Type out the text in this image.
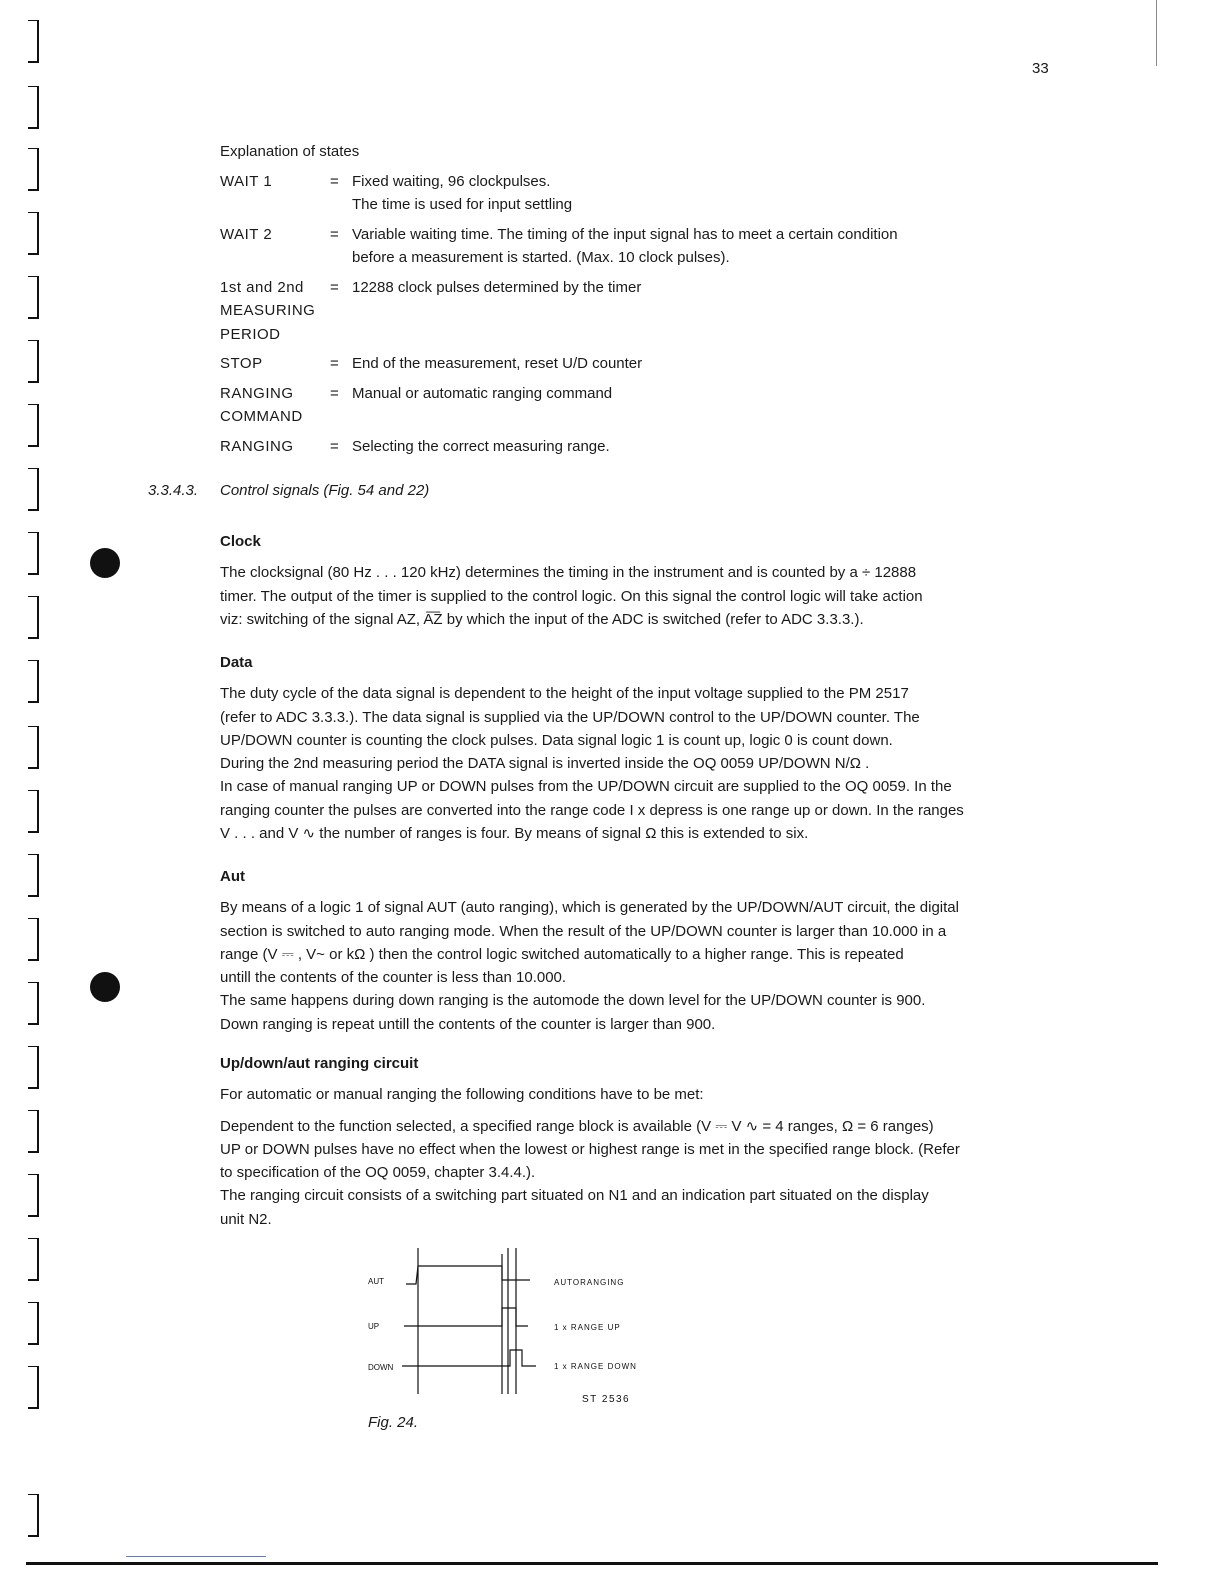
33
Explanation of states
WAIT 1	= Fixed waiting, 96 clockpulses.
The time is used for input settling
WAIT 2	= Variable waiting time. The timing of the input signal has to meet a certain condition
before a measurement is started. (Max. 10 clock pulses).
1st and 2nd
MEASURING
PERIOD
= 12288 clock pulses determined by the timer
STOP	= End of the measurement, reset U/D counter
RANGING
COMMAND
= Manual or automatic ranging command
RANGING	= Selecting the correct measuring range.
3.3.4.3. Control signals (Fig. 54 and 22)
Clock
The clocksignal (80 Hz . . . 120 kHz) determines the timing in the instrument and is counted by a ÷ 12888
timer. The output of the timer is supplied to the control logic. On this signal the control logic will take action
viz: switching of the signal AZ, A͞Z by which the input of the ADC is switched (refer to ADC 3.3.3.).
Data
The duty cycle of the data signal is dependent to the height of the input voltage supplied to the PM 2517
(refer to ADC 3.3.3.). The data signal is supplied via the UP/DOWN control to the UP/DOWN counter. The
UP/DOWN counter is counting the clock pulses. Data signal logic 1 is count up, logic 0 is count down.
During the 2nd measuring period the DATA signal is inverted inside the OQ 0059 UP/DOWN N/Ω .
In case of manual ranging UP or DOWN pulses from the UP/DOWN circuit are supplied to the OQ 0059. In the
ranging counter the pulses are converted into the range code I x depress is one range up or down. In the ranges
V . . . and V ∿ the number of ranges is four. By means of signal Ω this is extended to six.
Aut
By means of a logic 1 of signal AUT (auto ranging), which is generated by the UP/DOWN/AUT circuit, the digital
section is switched to auto ranging mode. When the result of the UP/DOWN counter is larger than 10.000 in a
range (V ⎓ , V~ or kΩ ) then the control logic switched automatically to a higher range. This is repeated
untill the contents of the counter is less than 10.000.
The same happens during down ranging is the automode the down level for the UP/DOWN counter is 900.
Down ranging is repeat untill the contents of the counter is larger than 900.
Up/down/aut ranging circuit
For automatic or manual ranging the following conditions have to be met:
Dependent to the function selected, a specified range block is available (V ⎓ V ∿ = 4 ranges, Ω = 6 ranges)
UP or DOWN pulses have no effect when the lowest or highest range is met in the specified range block. (Refer
to specification of the OQ 0059, chapter 3.4.4.).
The ranging circuit consists of a switching part situated on N1 and an indication part situated on the display
unit N2.
AUT
UP
DOWN
AUTORANGING
1 x RANGE UP
1 x RANGE DOWN
ST 2536
Fig. 24.
